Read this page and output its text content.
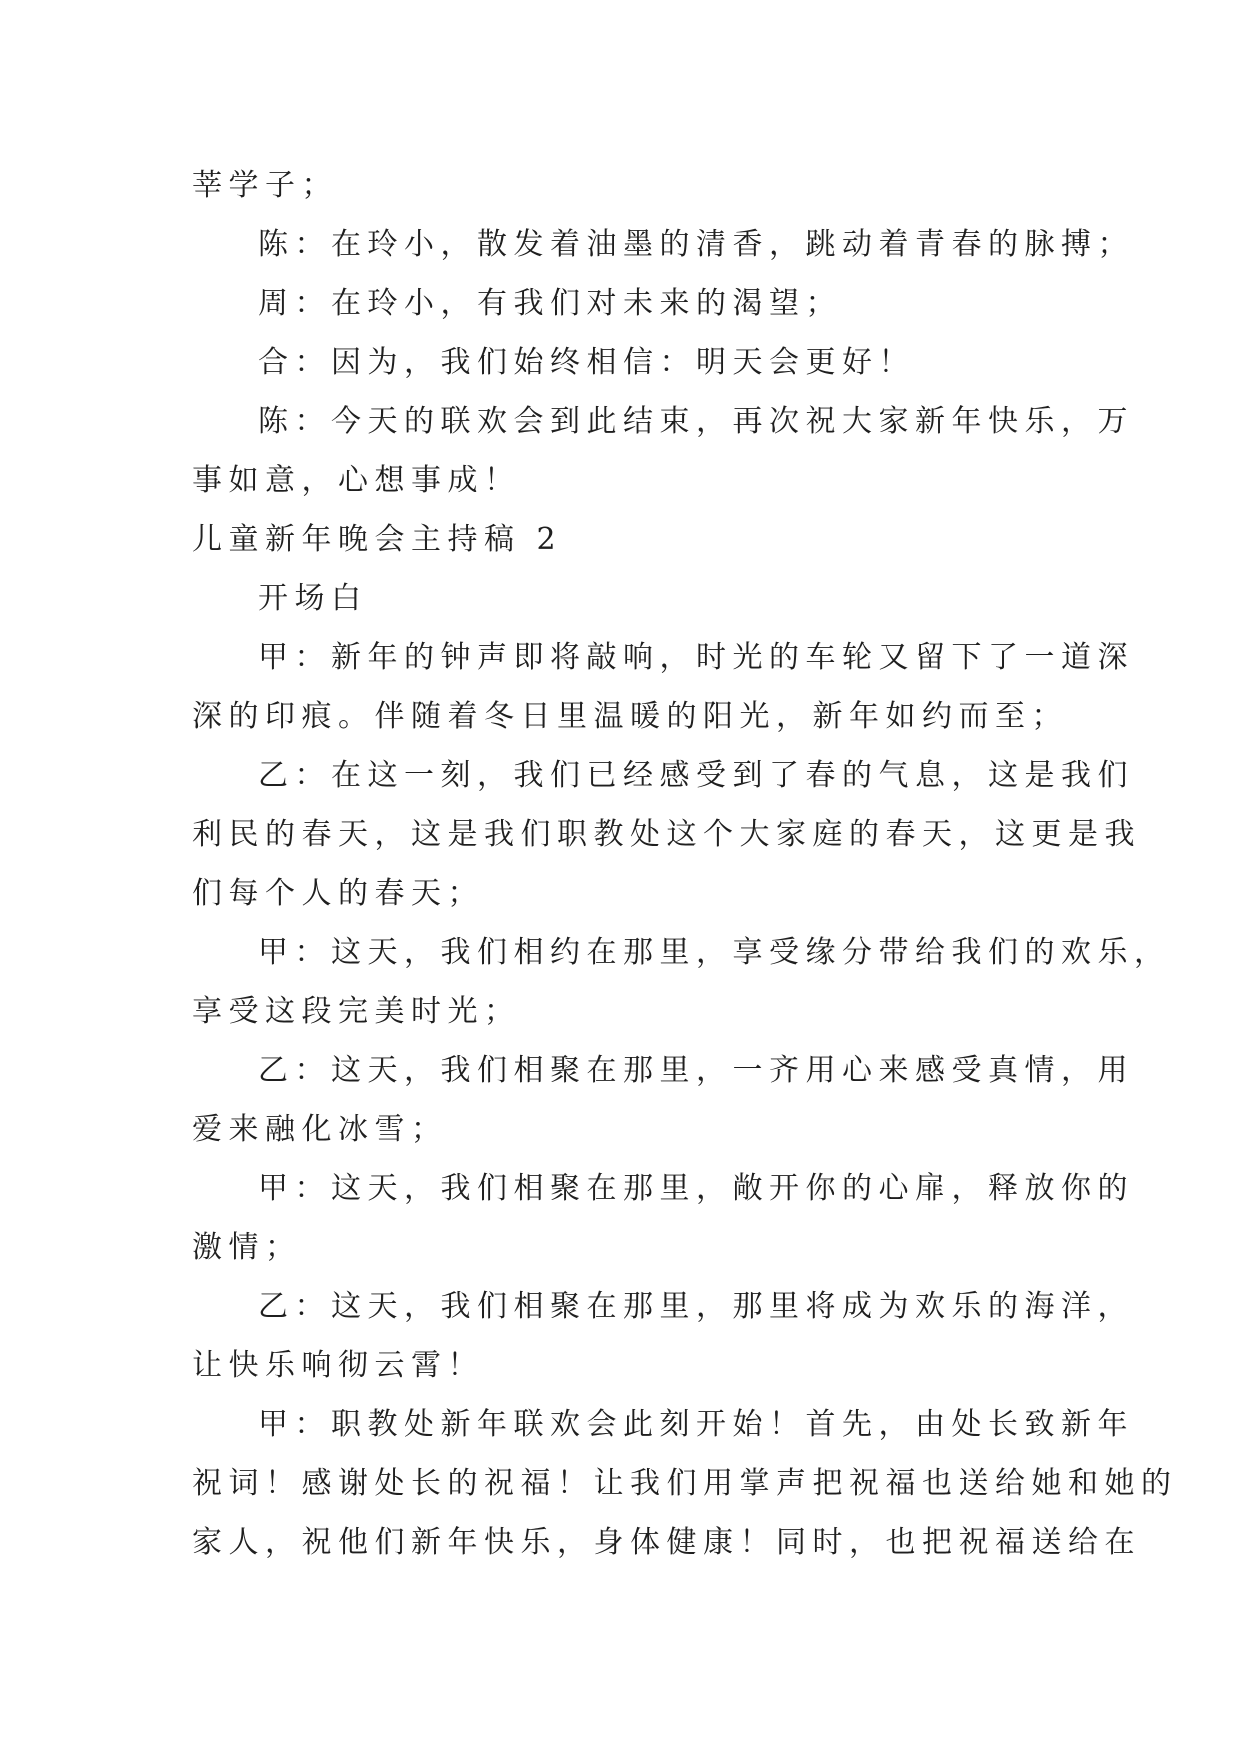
莘学子；
陈：在玲小，散发着油墨的清香，跳动着青春的脉搏；
周：在玲小，有我们对未来的渴望；
合：因为，我们始终相信：明天会更好！
陈：今天的联欢会到此结束，再次祝大家新年快乐，万
事如意，心想事成！
儿童新年晚会主持稿 2
开场白
甲：新年的钟声即将敲响，时光的车轮又留下了一道深
深的印痕。伴随着冬日里温暖的阳光，新年如约而至；
乙：在这一刻，我们已经感受到了春的气息，这是我们
利民的春天，这是我们职教处这个大家庭的春天，这更是我
们每个人的春天；
甲：这天，我们相约在那里，享受缘分带给我们的欢乐，
享受这段完美时光；
乙：这天，我们相聚在那里，一齐用心来感受真情，用
爱来融化冰雪；
甲：这天，我们相聚在那里，敞开你的心扉，释放你的
激情；
乙：这天，我们相聚在那里，那里将成为欢乐的海洋，
让快乐响彻云霄！
甲：职教处新年联欢会此刻开始！首先，由处长致新年
祝词！感谢处长的祝福！让我们用掌声把祝福也送给她和她的
家人，祝他们新年快乐，身体健康！同时，也把祝福送给在
